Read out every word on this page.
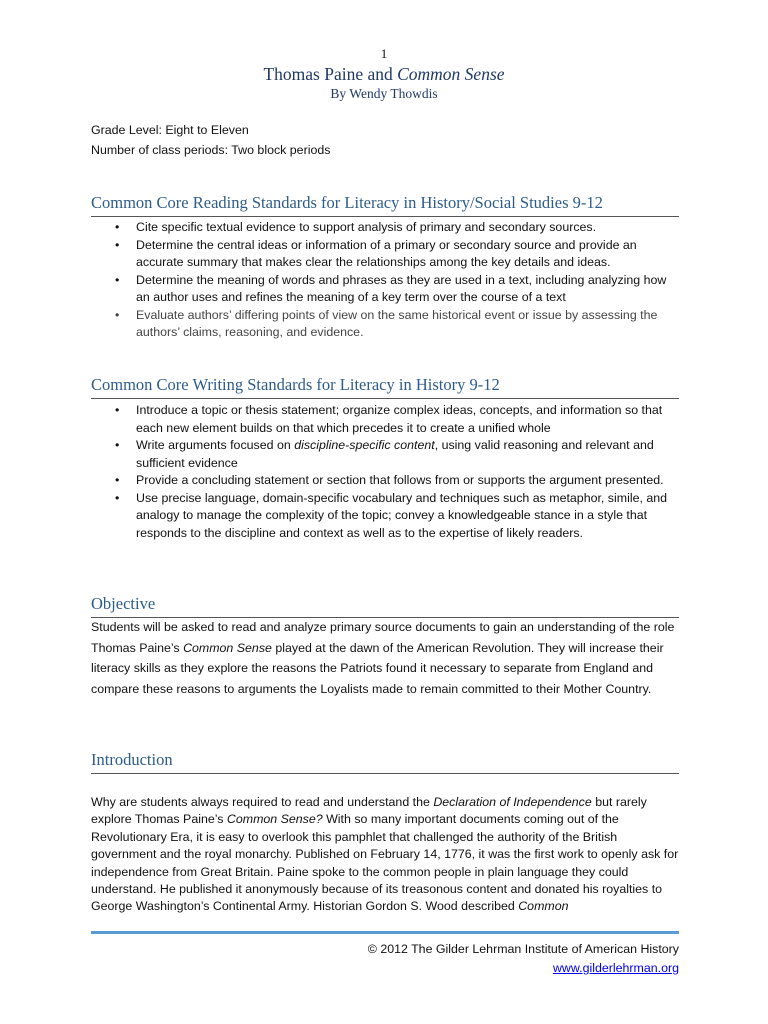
1
Thomas Paine and Common Sense
By Wendy Thowdis
Grade Level: Eight to Eleven
Number of class periods: Two block periods
Common Core Reading Standards for Literacy in History/Social Studies 9-12
• Cite specific textual evidence to support analysis of primary and secondary sources.
• Determine the central ideas or information of a primary or secondary source and provide an accurate summary that makes clear the relationships among the key details and ideas.
• Determine the meaning of words and phrases as they are used in a text, including analyzing how an author uses and refines the meaning of a key term over the course of a text
• Evaluate authors’ differing points of view on the same historical event or issue by assessing the authors’ claims, reasoning, and evidence.
Common Core Writing Standards for Literacy in History 9-12
• Introduce a topic or thesis statement; organize complex ideas, concepts, and information so that each new element builds on that which precedes it to create a unified whole
• Write arguments focused on discipline-specific content, using valid reasoning and relevant and sufficient evidence
• Provide a concluding statement or section that follows from or supports the argument presented.
• Use precise language, domain-specific vocabulary and techniques such as metaphor, simile, and analogy to manage the complexity of the topic; convey a knowledgeable stance in a style that responds to the discipline and context as well as to the expertise of likely readers.
Objective
Students will be asked to read and analyze primary source documents to gain an understanding of the role Thomas Paine’s Common Sense played at the dawn of the American Revolution. They will increase their literacy skills as they explore the reasons the Patriots found it necessary to separate from England and compare these reasons to arguments the Loyalists made to remain committed to their Mother Country.
Introduction
Why are students always required to read and understand the Declaration of Independence but rarely explore Thomas Paine’s Common Sense? With so many important documents coming out of the Revolutionary Era, it is easy to overlook this pamphlet that challenged the authority of the British government and the royal monarchy. Published on February 14, 1776, it was the first work to openly ask for independence from Great Britain. Paine spoke to the common people in plain language they could understand. He published it anonymously because of its treasonous content and donated his royalties to George Washington’s Continental Army. Historian Gordon S. Wood described Common
© 2012 The Gilder Lehrman Institute of American History
www.gilderlehrman.org
